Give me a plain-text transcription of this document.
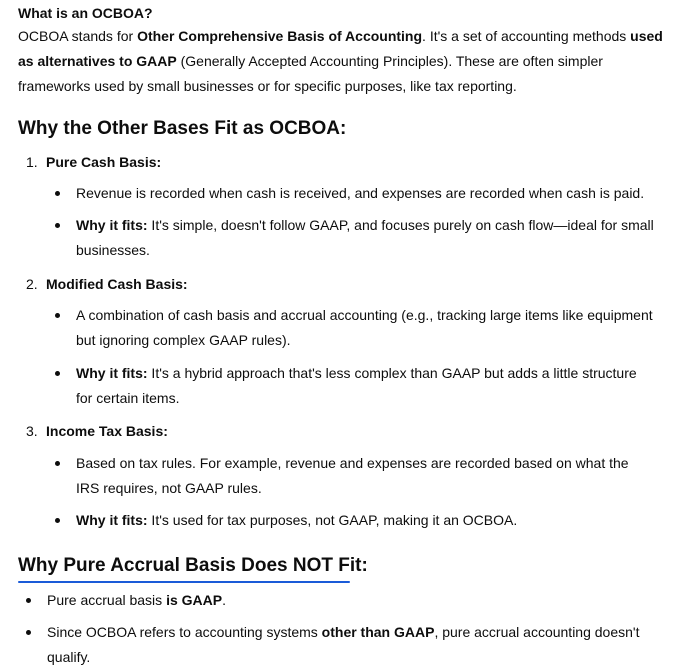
What is an OCBOA?
OCBOA stands for Other Comprehensive Basis of Accounting. It's a set of accounting methods used as alternatives to GAAP (Generally Accepted Accounting Principles). These are often simpler frameworks used by small businesses or for specific purposes, like tax reporting.
Why the Other Bases Fit as OCBOA:
1. Pure Cash Basis:
Revenue is recorded when cash is received, and expenses are recorded when cash is paid.
Why it fits: It's simple, doesn't follow GAAP, and focuses purely on cash flow—ideal for small businesses.
2. Modified Cash Basis:
A combination of cash basis and accrual accounting (e.g., tracking large items like equipment but ignoring complex GAAP rules).
Why it fits: It's a hybrid approach that's less complex than GAAP but adds a little structure for certain items.
3. Income Tax Basis:
Based on tax rules. For example, revenue and expenses are recorded based on what the IRS requires, not GAAP rules.
Why it fits: It's used for tax purposes, not GAAP, making it an OCBOA.
Why Pure Accrual Basis Does NOT Fit:
Pure accrual basis is GAAP.
Since OCBOA refers to accounting systems other than GAAP, pure accrual accounting doesn't qualify.
